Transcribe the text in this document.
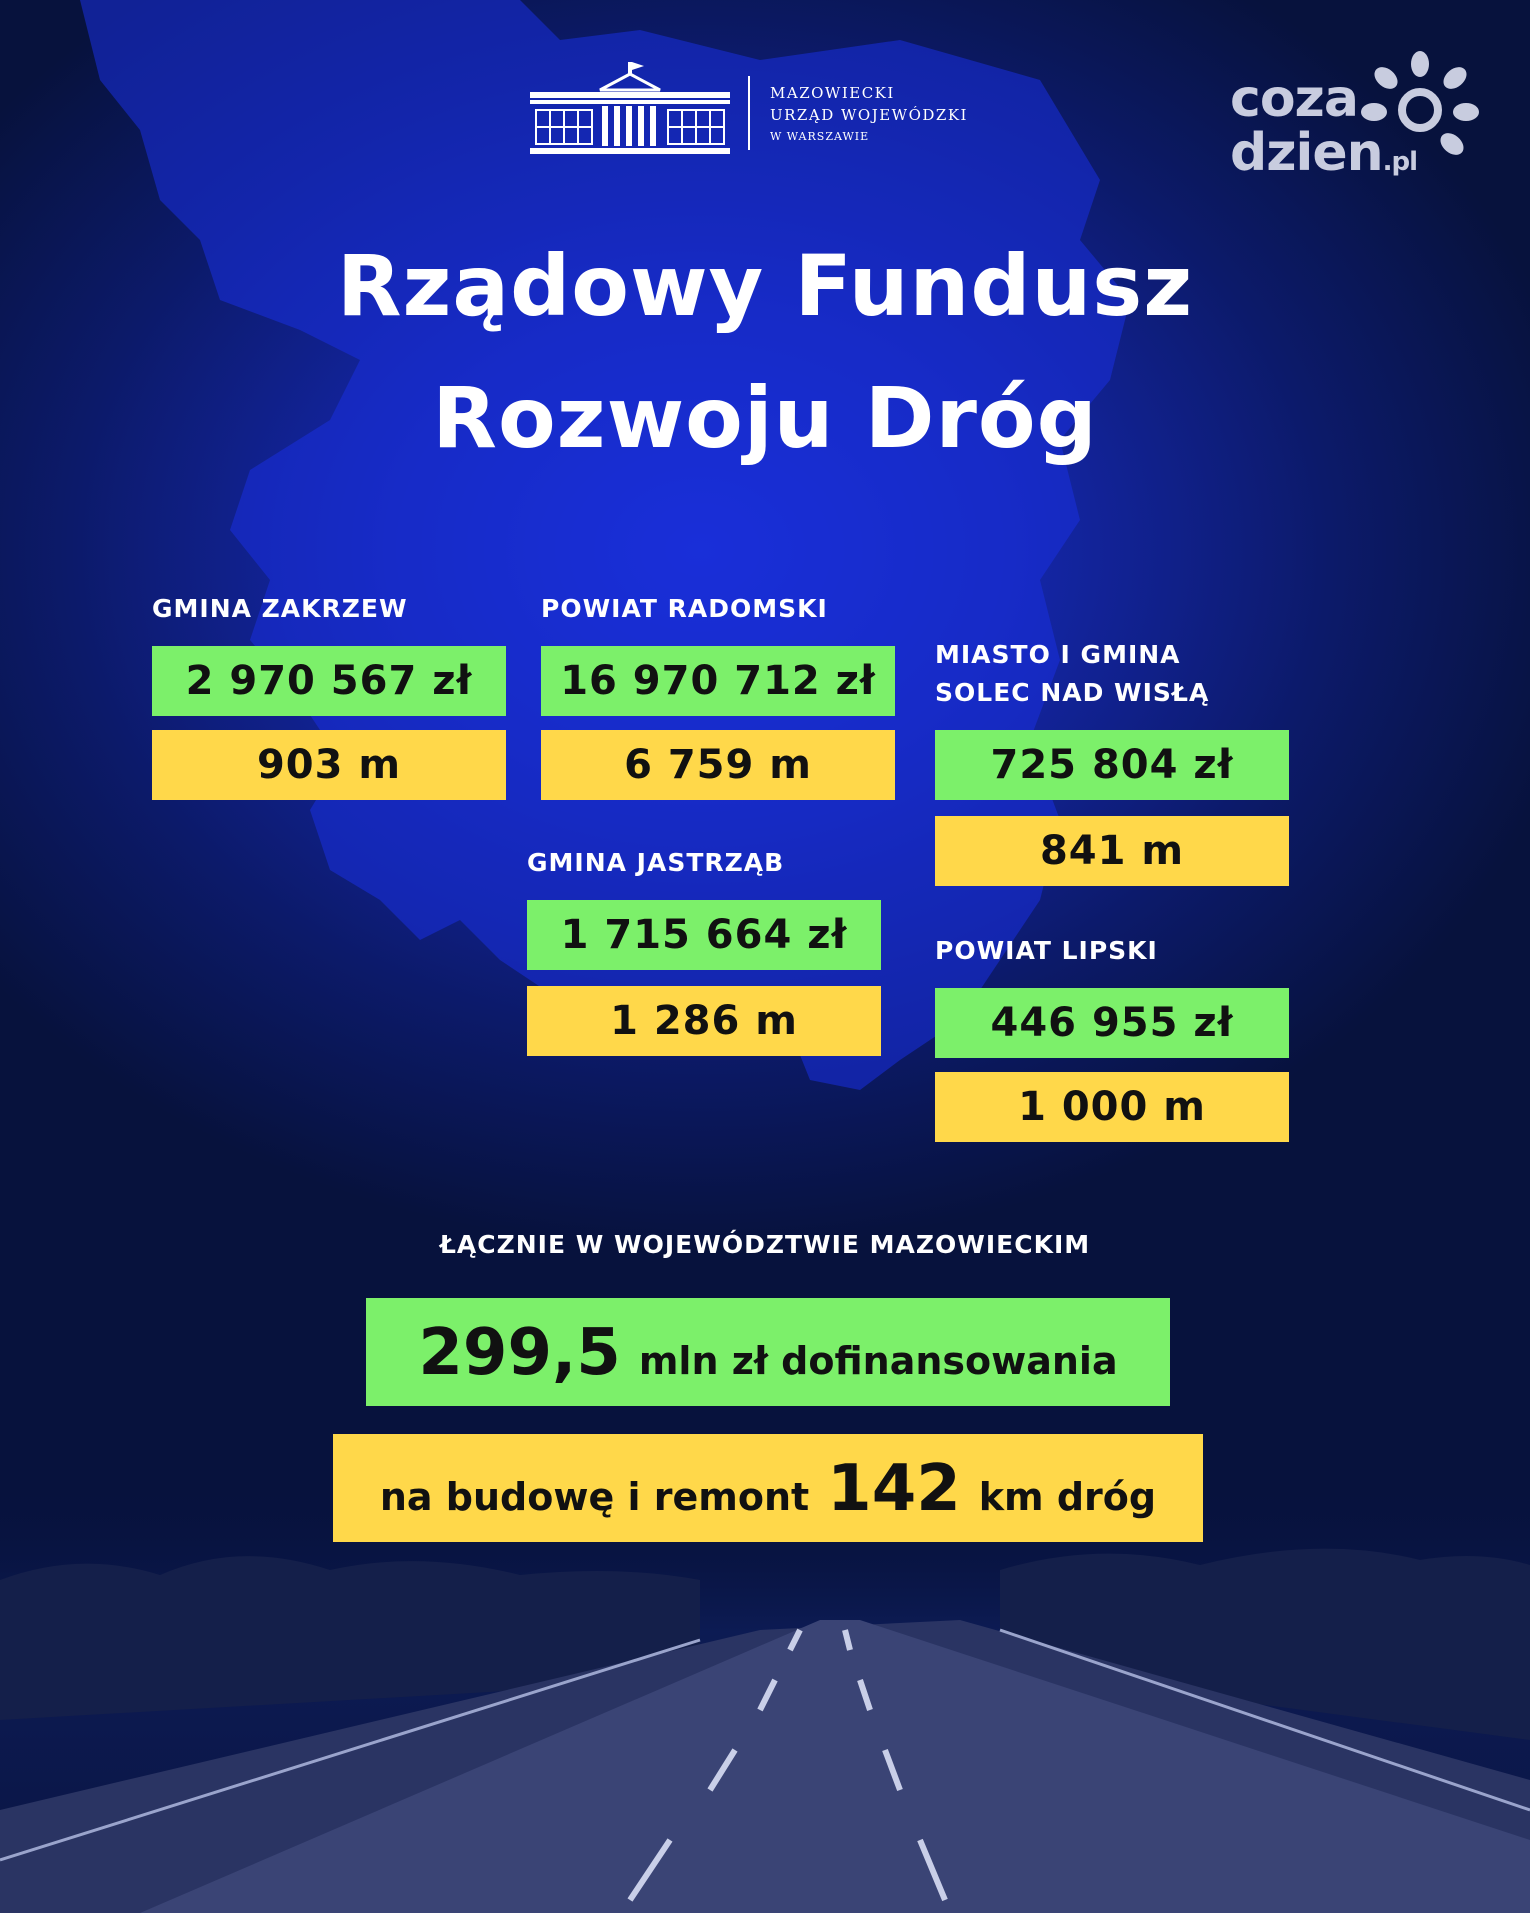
MAZOWIECKI
URZĄD WOJEWÓDZKI
W WARSZAWIE
coza
dzien.pl
Rządowy Fundusz
Rozwoju Dróg
GMINA ZAKRZEW
2 970 567 zł
903 m
POWIAT RADOMSKI
16 970 712 zł
6 759 m
MIASTO I GMINA
SOLEC NAD WISŁĄ
725 804 zł
841 m
GMINA JASTRZĄB
1 715 664 zł
1 286 m
POWIAT LIPSKI
446 955 zł
1 000 m
ŁĄCZNIE W WOJEWÓDZTWIE MAZOWIECKIM
299,5 mln zł dofinansowania
na budowę i remont 142 km dróg
